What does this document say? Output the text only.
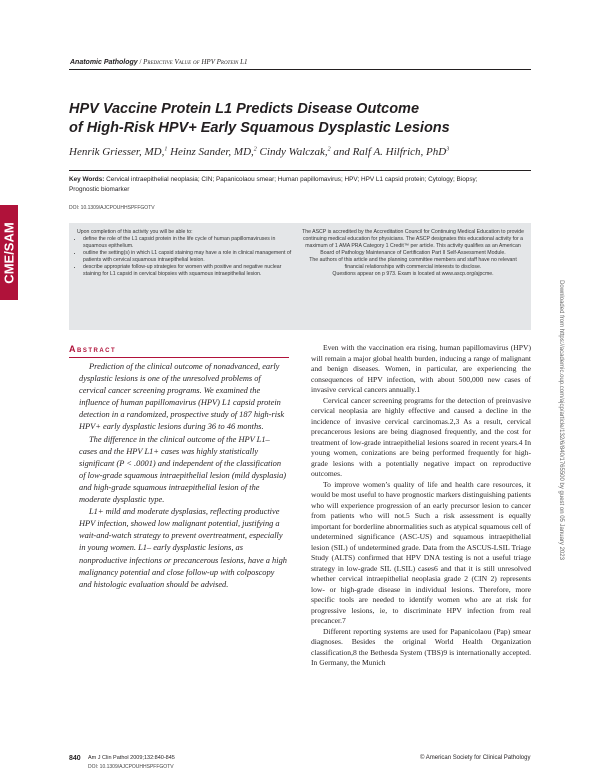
Anatomic Pathology / Predictive Value of HPV Protein L1
CME/SAM
HPV Vaccine Protein L1 Predicts Disease Outcome
of High-Risk HPV+ Early Squamous Dysplastic Lesions
Henrik Griesser, MD,$^1$ Heinz Sander, MD,$^2$ Cindy Walczak,$^2$ and Ralf A. Hilfrich, PhD$^3$
Key Words: Cervical intraepithelial neoplasia; CIN; Papanicolaou smear; Human papillomavirus; HPV; HPV L1 capsid protein; Cytology; Biopsy; Prognostic biomarker
DOI: 10.1309/AJCPOUHHSPFFGOTV
Upon completion of this activity you will be able to:
• define the role of the L1 capsid protein in the life cycle of human papillomaviruses in squamous epithelium.
• outline the setting(s) in which L1 capsid staining may have a role in clinical management of patients with cervical squamous intraepithelial lesion.
• describe appropriate follow-up strategies for women with positive and negative nuclear staining for L1 capsid in cervical biopsies with squamous intraepithelial lesion.

The ASCP is accredited by the Accreditation Council for Continuing Medical Education to provide continuing medical education for physicians. The ASCP designates this educational activity for a maximum of 1 AMA PRA Category 1 Credit™ per article. This activity qualifies as an American Board of Pathology Maintenance of Certification Part II Self-Assessment Module.

The authors of this article and the planning committee members and staff have no relevant financial relationships with commercial interests to disclose.

Questions appear on p 973. Exam is located at www.ascp.org/ajpcme.

Abstract

Prediction of the clinical outcome of nonadvanced, early dysplastic lesions is one of the unresolved problems of cervical cancer screening programs. We examined the influence of human papillomavirus (HPV) L1 capsid protein detection in a randomized, prospective study of 187 high-risk HPV+ early dysplastic lesions during 36 to 46 months.

The difference in the clinical outcome of the HPV L1– cases and the HPV L1+ cases was highly statistically significant (P < .0001) and independent of the classification of low-grade squamous intraepithelial lesion (mild dysplasia) and high-grade squamous intraepithelial lesion of the moderate dysplastic type.

L1+ mild and moderate dysplasias, reflecting productive HPV infection, showed low malignant potential, justifying a wait-and-watch strategy to prevent overtreatment, especially in young women. L1– early dysplastic lesions, as nonproductive infections or precancerous lesions, have a high malignancy potential and close follow-up with colposcopy and histologic evaluation should be advised.

Even with the vaccination era rising, human papillomavirus (HPV) will remain a major global health burden, inducing a range of malignant and benign diseases. Women, in particular, are experiencing the consequences of HPV infection, with about 500,000 new cases of invasive cervical cancers annually.1

Cervical cancer screening programs for the detection of preinvasive cervical neoplasia are highly effective and caused a decline in the incidence of invasive cervical carcinomas.2,3 As a result, cervical precancerous lesions are being diagnosed frequently, and the cost for treatment of low-grade intraepithelial lesions soared in recent years.4 In young women, conizations are being performed frequently for high-grade lesions with a potentially negative impact on reproductive outcomes.

To improve women’s quality of life and health care resources, it would be most useful to have prognostic markers distinguishing patients who will experience progression of an early precursor lesion to cancer from patients who will not.5 Such a risk assessment is equally important for borderline abnormalities such as atypical squamous cell of undetermined significance (ASC-US) and squamous intraepithelial lesion (SIL) of undetermined grade. Data from the ASCUS-LSIL Triage Study (ALTS) confirmed that HPV DNA testing is not a useful triage strategy in low-grade SIL (LSIL) cases6 and that it is still unresolved whether cervical intraepithelial neoplasia grade 2 (CIN 2) represents low- or high-grade disease in individual lesions. Therefore, more specific tools are needed to identify women who are at risk for progressive lesions, ie, to discriminate HPV infection from real precancer.7

Different reporting systems are used for Papanicolaou (Pap) smear diagnoses. Besides the original World Health Organization classification,8 the Bethesda System (TBS)9 is internationally accepted. In Germany, the Munich

840 Am J Clin Pathol 2009;132:840-845
DOI: 10.1309/AJCPOUHHSPFFGOTV
© American Society for Clinical Pathology
Downloaded from https://academic.oup.com/ajcp/article/132/6/840/1765500 by guest on 05 January 2023
